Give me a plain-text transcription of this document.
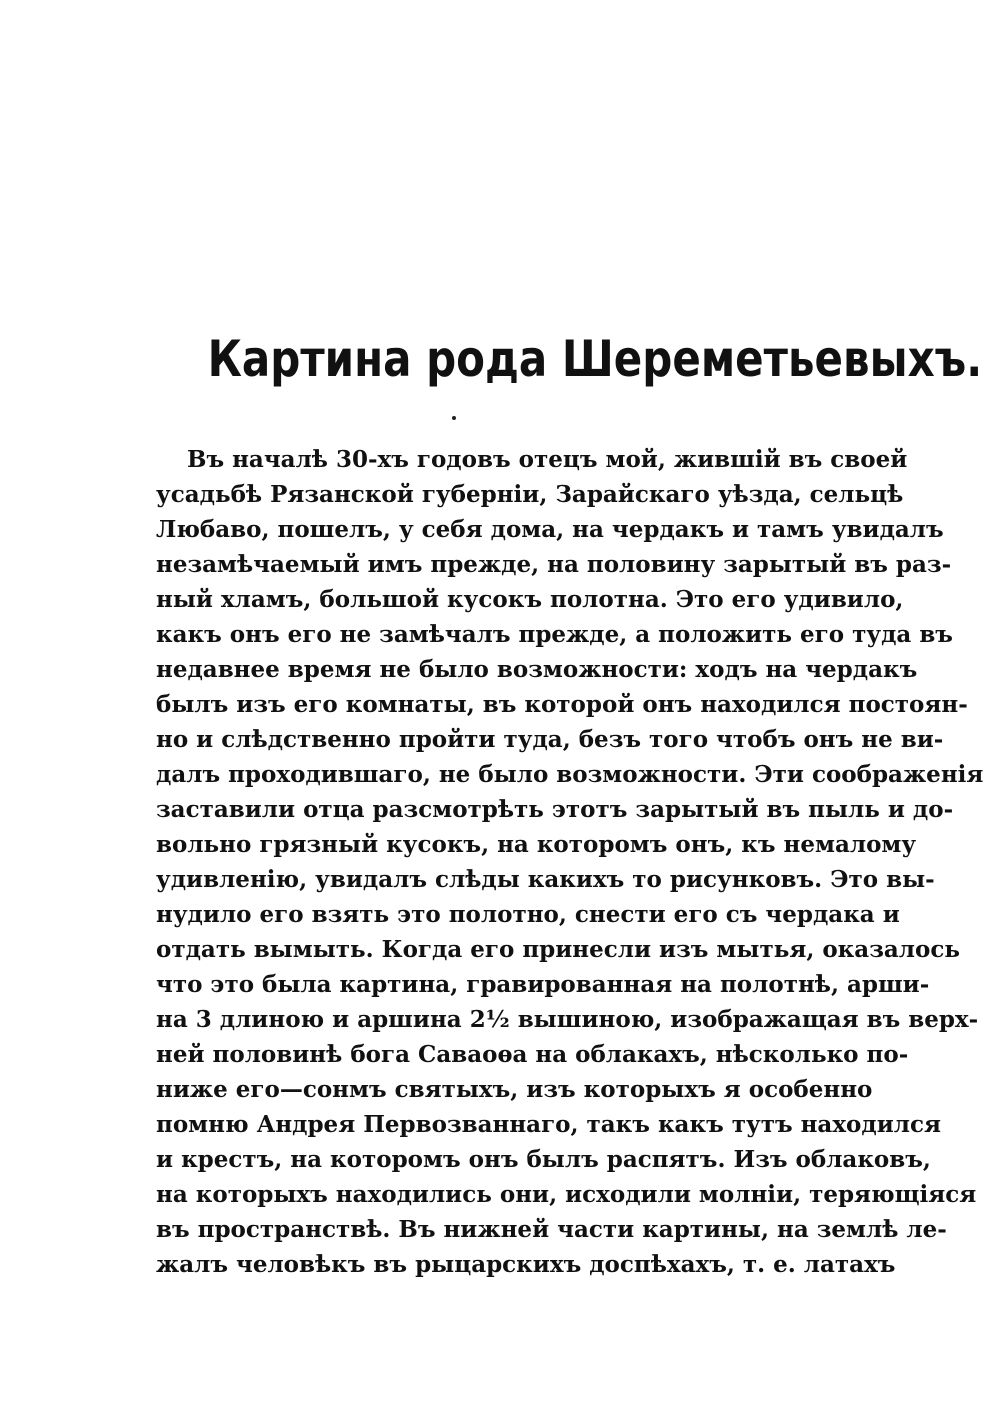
Картина рода Шереметьевыхъ.
Въ началѣ 30-хъ годовъ отецъ мой, жившій въ своей
усадьбѣ Рязанской губерніи, Зарайскаго уѣзда, сельцѣ
Любаво, пошелъ, у себя дома, на чердакъ и тамъ увидалъ
незамѣчаемый имъ прежде, на половину зарытый въ раз-
ный хламъ, большой кусокъ полотна. Это его удивило,
какъ онъ его не замѣчалъ прежде, а положить его туда въ
недавнее время не было возможности: ходъ на чердакъ
былъ изъ его комнаты, въ которой онъ находился постоян-
но и слѣдственно пройти туда, безъ того чтобъ онъ не ви-
далъ проходившаго, не было возможности. Эти соображенія
заставили отца разсмотрѣть этотъ зарытый въ пыль и до-
вольно грязный кусокъ, на которомъ онъ, къ немалому
удивленію, увидалъ слѣды какихъ то рисунковъ. Это вы-
нудило его взять это полотно, снести его съ чердака и
отдать вымыть. Когда его принесли изъ мытья, оказалось
что это была картина, гравированная на полотнѣ, арши-
на 3 длиною и аршина 2½ вышиною, изображащая въ верх-
ней половинѣ бога Саваоѳа на облакахъ, нѣсколько по-
ниже его—сонмъ святыхъ, изъ которыхъ я особенно
помню Андрея Первозваннаго, такъ какъ тутъ находился
и крестъ, на которомъ онъ былъ распятъ. Изъ облаковъ,
на которыхъ находились они, исходили молніи, теряющіяся
въ пространствѣ. Въ нижней части картины, на землѣ ле-
жалъ человѣкъ въ рыцарскихъ доспѣхахъ, т. е. латахъ
